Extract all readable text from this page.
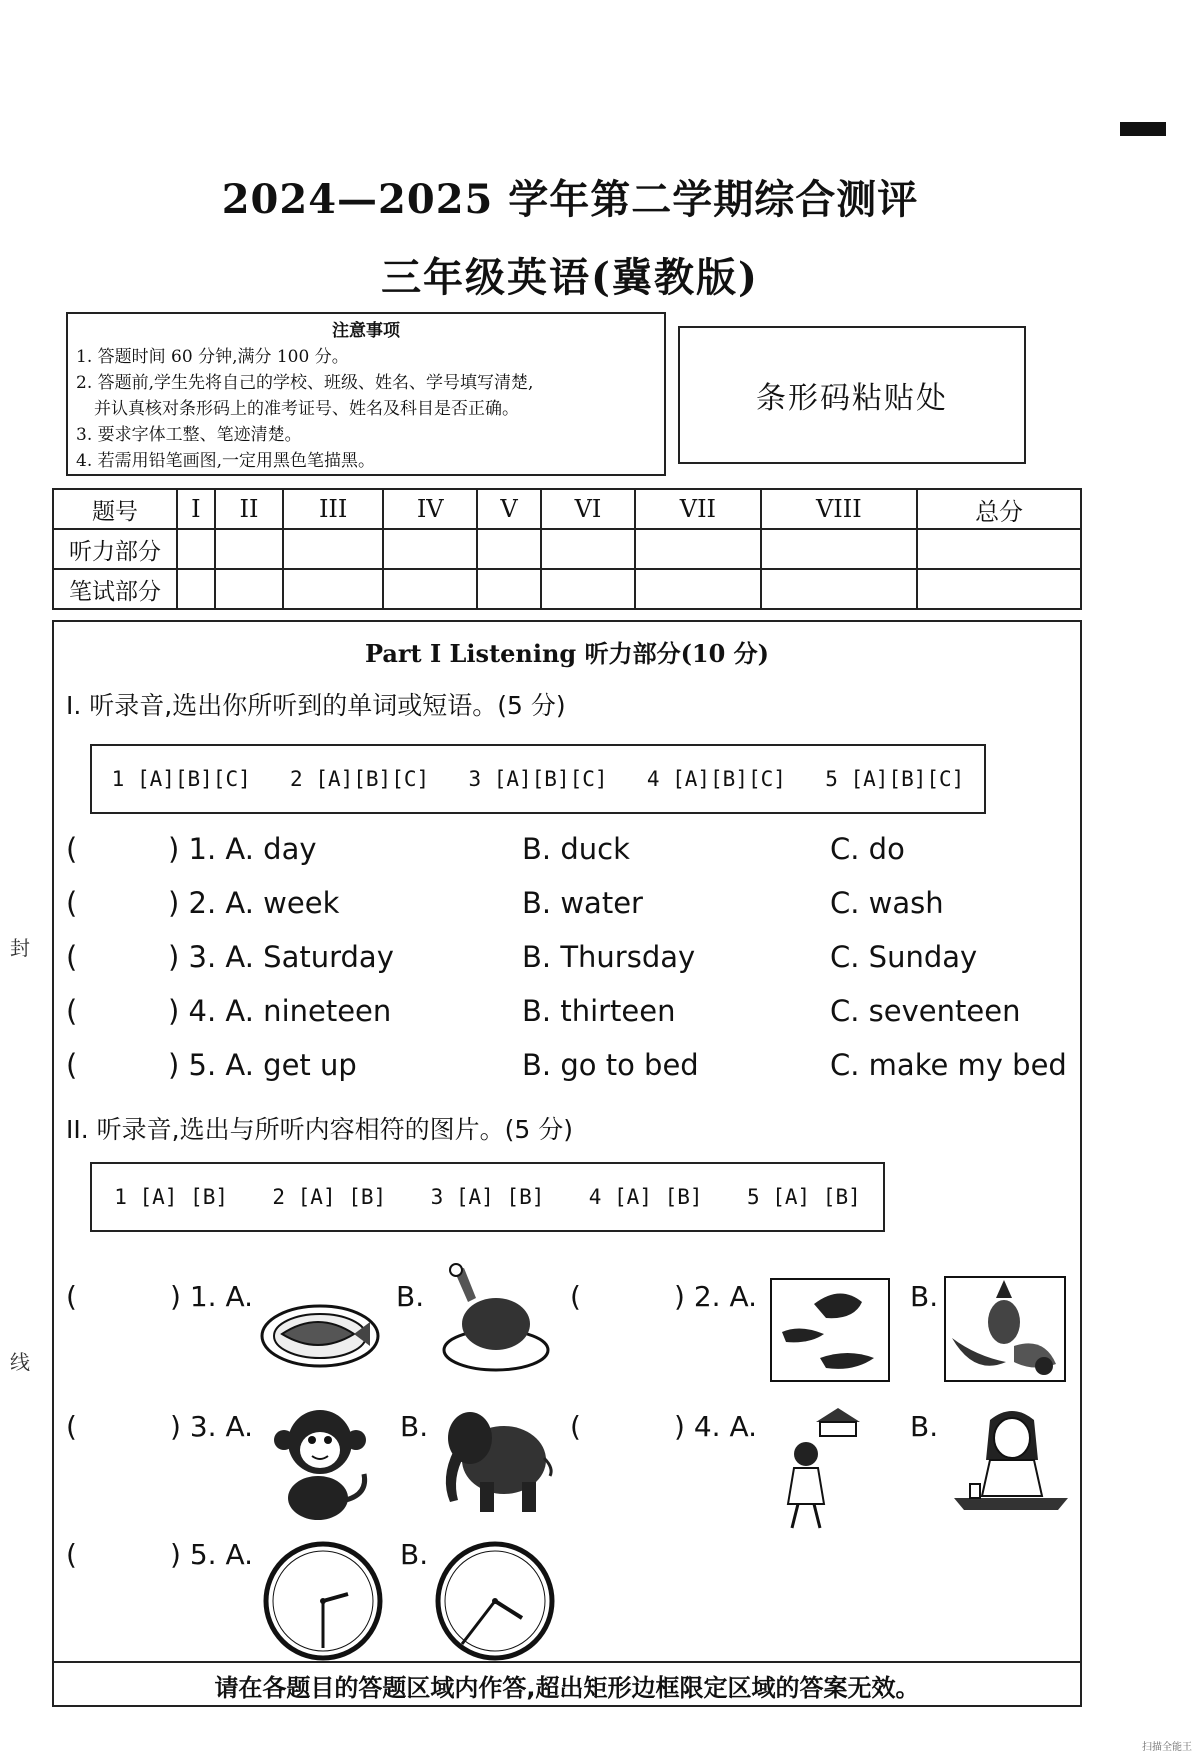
2024—2025 学年第二学期综合测评
三年级英语(冀教版)
封
线
注意事项
1. 答题时间 60 分钟,满分 100 分。
2. 答题前,学生先将自己的学校、班级、姓名、学号填写清楚,
并认真核对条形码上的准考证号、姓名及科目是否正确。
3. 要求字体工整、笔迹清楚。
4. 若需用铅笔画图,一定用黑色笔描黑。
条形码粘贴处
题号	I	II	III	IV	V	VI	VII	VIII	总分
听力部分									
笔试部分									
Part I Listening 听力部分(10 分)
I. 听录音,选出你所听到的单词或短语。(5 分)
1 [A][B][C] 2 [A][B][C] 3 [A][B][C] 4 [A][B][C] 5 [A][B][C]
(	) 1. A. day	B. duck	C. do
(	) 2. A. week	B. water	C. wash
(	) 3. A. Saturday	B. Thursday	C. Sunday
(	) 4. A. nineteen	B. thirteen	C. seventeen
(	) 5. A. get up	B. go to bed	C. make my bed
II. 听录音,选出与所听内容相符的图片。(5 分)
1 [A] [B] 2 [A] [B] 3 [A] [B] 4 [A] [B] 5 [A] [B]
(	) 1. A.	B.	(	) 2. A.	B.
(	) 3. A.	B.	(	) 4. A.	B.
(	) 5. A.	B.
请在各题目的答题区域内作答,超出矩形边框限定区域的答案无效。
扫描全能王
